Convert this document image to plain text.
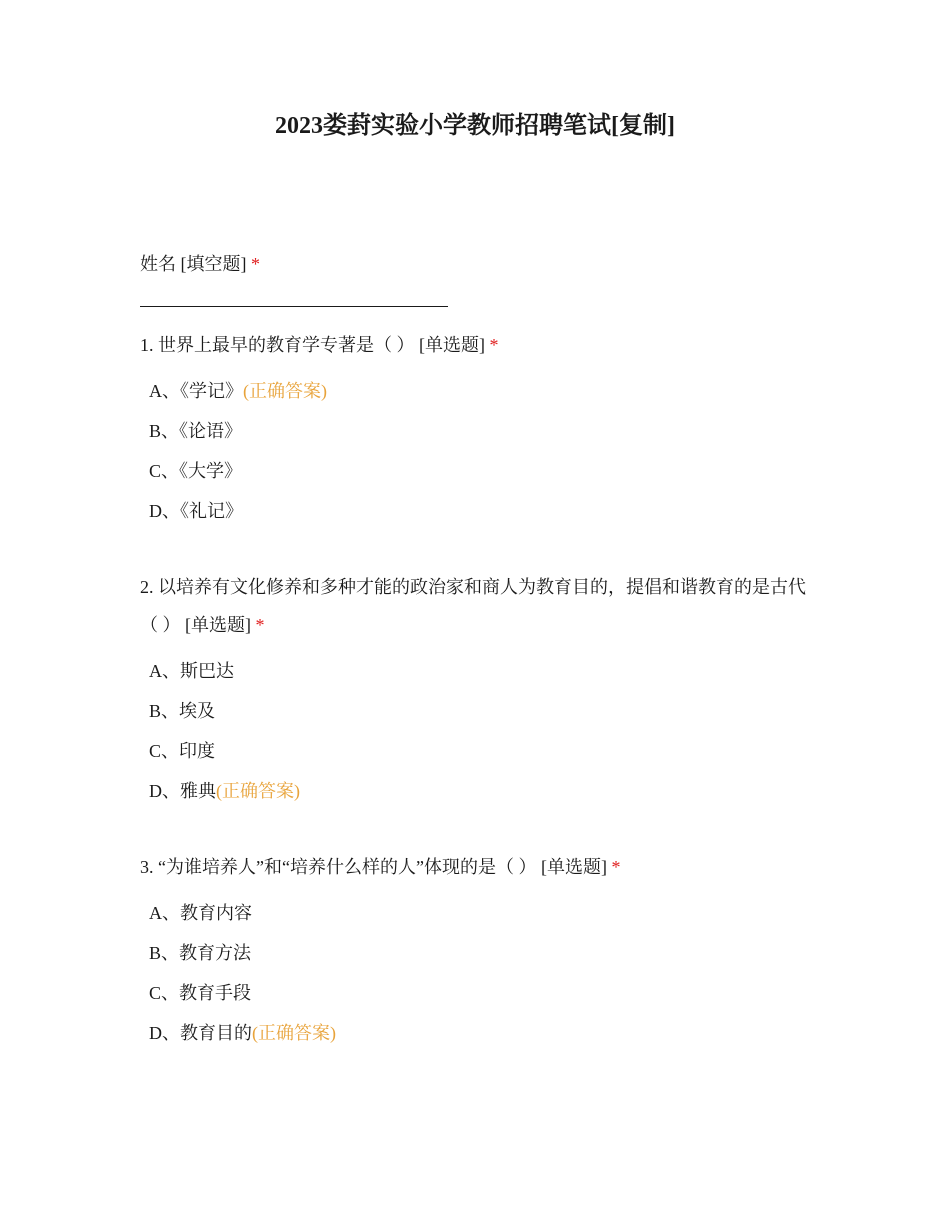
2023娄葑实验小学教师招聘笔试[复制]
姓名 [填空题] *
1. 世界上最早的教育学专著是（ ） [单选题] *
A、《学记》(正确答案)
B、《论语》
C、《大学》
D、《礼记》
2. 以培养有文化修养和多种才能的政治家和商人为教育目的，提倡和谐教育的是古代（ ） [单选题] *
A、斯巴达
B、埃及
C、印度
D、雅典(正确答案)
3. “为谁培养人”和“培养什么样的人”体现的是（ ） [单选题] *
A、教育内容
B、教育方法
C、教育手段
D、教育目的(正确答案)
